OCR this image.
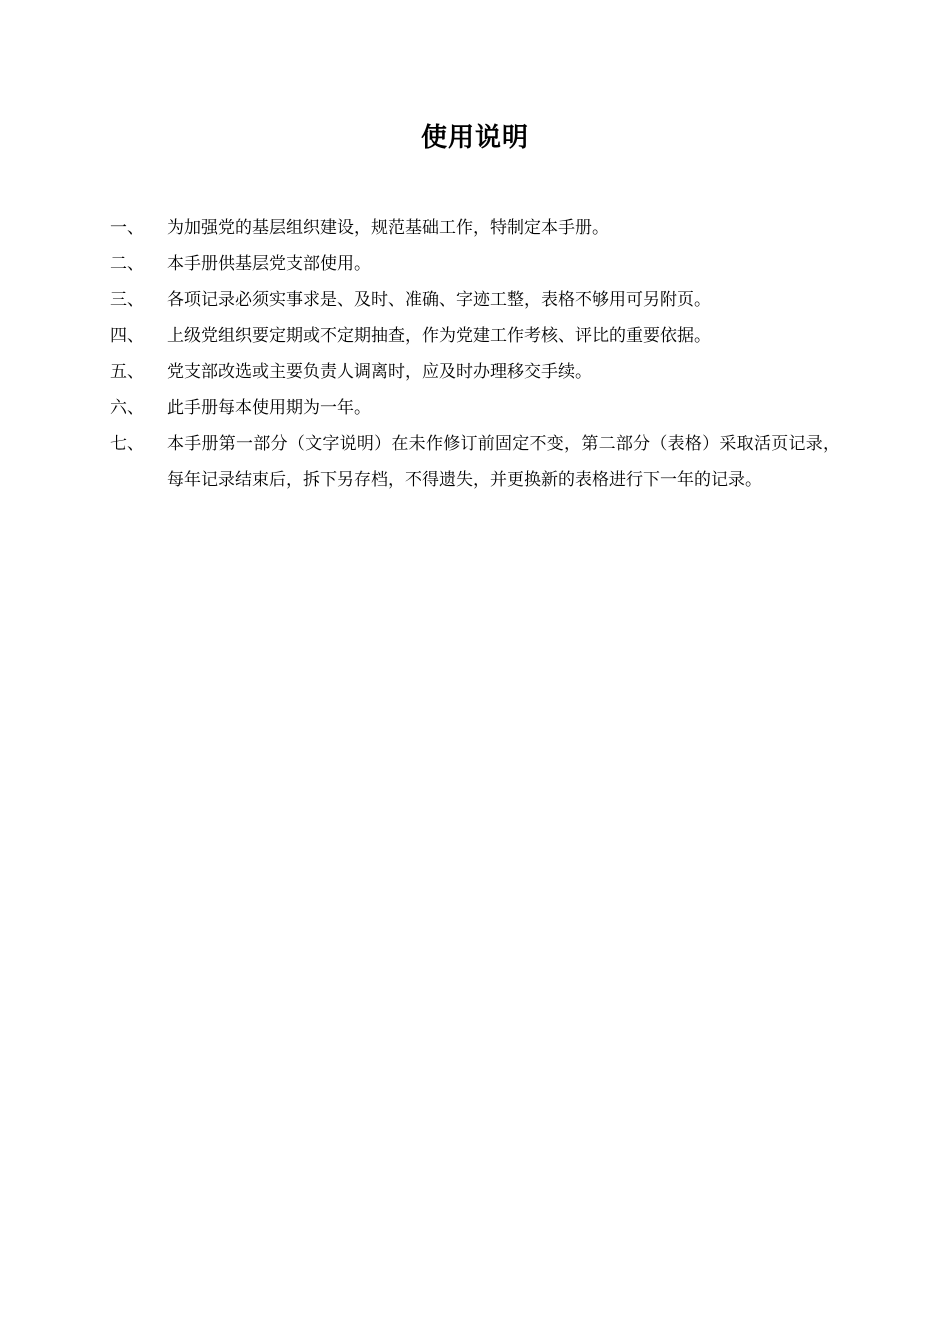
使用说明
一、	为加强党的基层组织建设，规范基础工作，特制定本手册。
二、	本手册供基层党支部使用。
三、	各项记录必须实事求是、及时、准确、字迹工整，表格不够用可另附页。
四、	上级党组织要定期或不定期抽查，作为党建工作考核、评比的重要依据。
五、	党支部改选或主要负责人调离时，应及时办理移交手续。
六、	此手册每本使用期为一年。
七、	本手册第一部分（文字说明）在未作修订前固定不变，第二部分（表格）采取活页记录，每年记录结束后，拆下另存档，不得遗失，并更换新的表格进行下一年的记录。
